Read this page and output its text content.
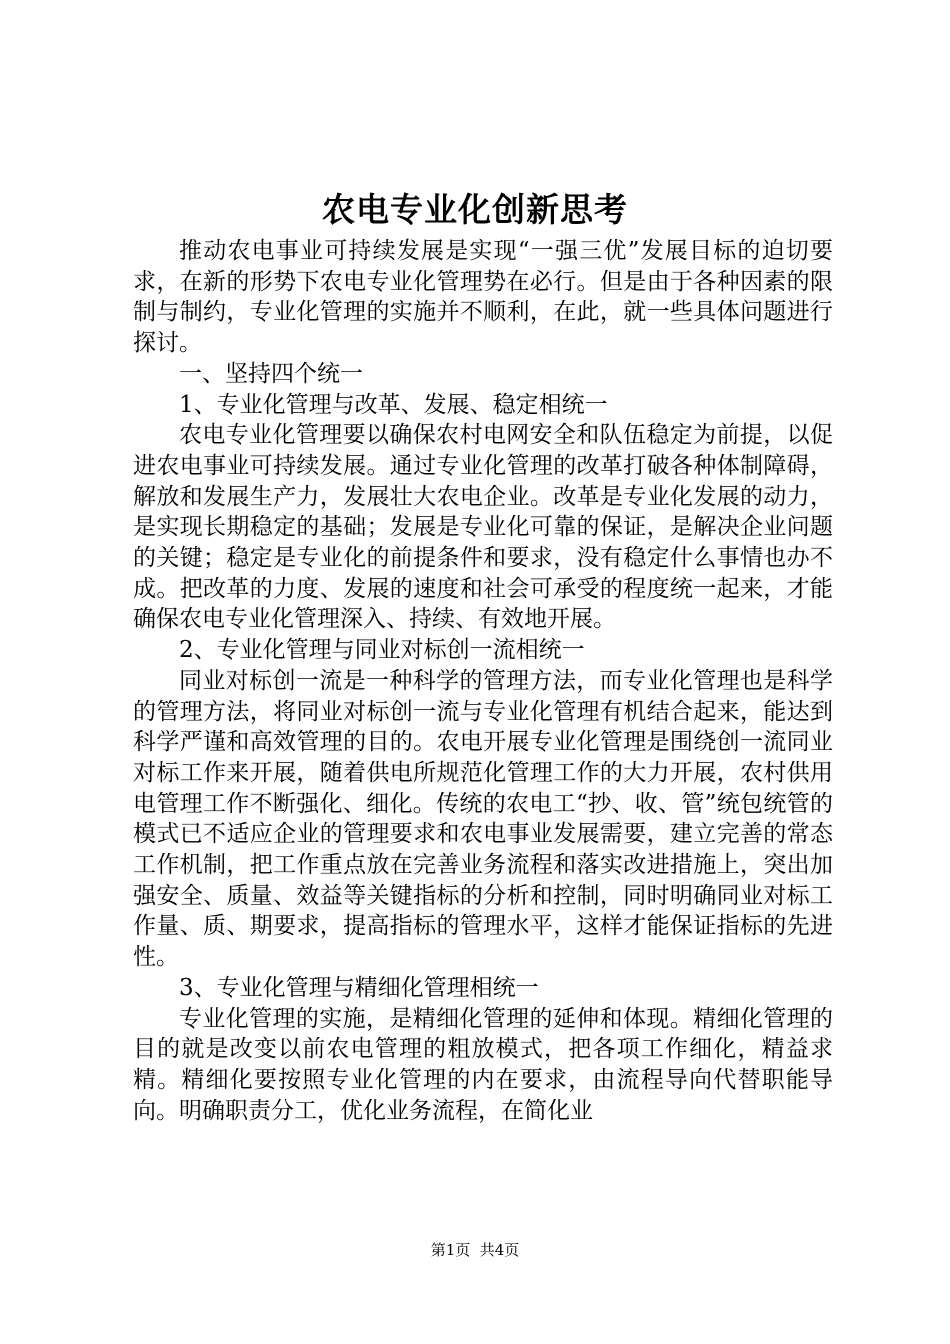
农电专业化创新思考

推动农电事业可持续发展是实现“一强三优”发展目标的迫切要求，在新的形势下农电专业化管理势在必行。但是由于各种因素的限制与制约，专业化管理的实施并不顺利，在此，就一些具体问题进行探讨。

一、坚持四个统一

1、专业化管理与改革、发展、稳定相统一

农电专业化管理要以确保农村电网安全和队伍稳定为前提，以促进农电事业可持续发展。通过专业化管理的改革打破各种体制障碍，解放和发展生产力，发展壮大农电企业。改革是专业化发展的动力，是实现长期稳定的基础；发展是专业化可靠的保证，是解决企业问题的关键；稳定是专业化的前提条件和要求，没有稳定什么事情也办不成。把改革的力度、发展的速度和社会可承受的程度统一起来，才能确保农电专业化管理深入、持续、有效地开展。

2、专业化管理与同业对标创一流相统一

同业对标创一流是一种科学的管理方法，而专业化管理也是科学的管理方法，将同业对标创一流与专业化管理有机结合起来，能达到科学严谨和高效管理的目的。农电开展专业化管理是围绕创一流同业对标工作来开展，随着供电所规范化管理工作的大力开展，农村供用电管理工作不断强化、细化。传统的农电工“抄、收、管”统包统管的模式已不适应企业的管理要求和农电事业发展需要，建立完善的常态工作机制，把工作重点放在完善业务流程和落实改进措施上，突出加强安全、质量、效益等关键指标的分析和控制，同时明确同业对标工作量、质、期要求，提高指标的管理水平，这样才能保证指标的先进性。

3、专业化管理与精细化管理相统一

专业化管理的实施，是精细化管理的延伸和体现。精细化管理的目的就是改变以前农电管理的粗放模式，把各项工作细化，精益求精。精细化要按照专业化管理的内在要求，由流程导向代替职能导向。明确职责分工，优化业务流程，在简化业

第1页  共4页
